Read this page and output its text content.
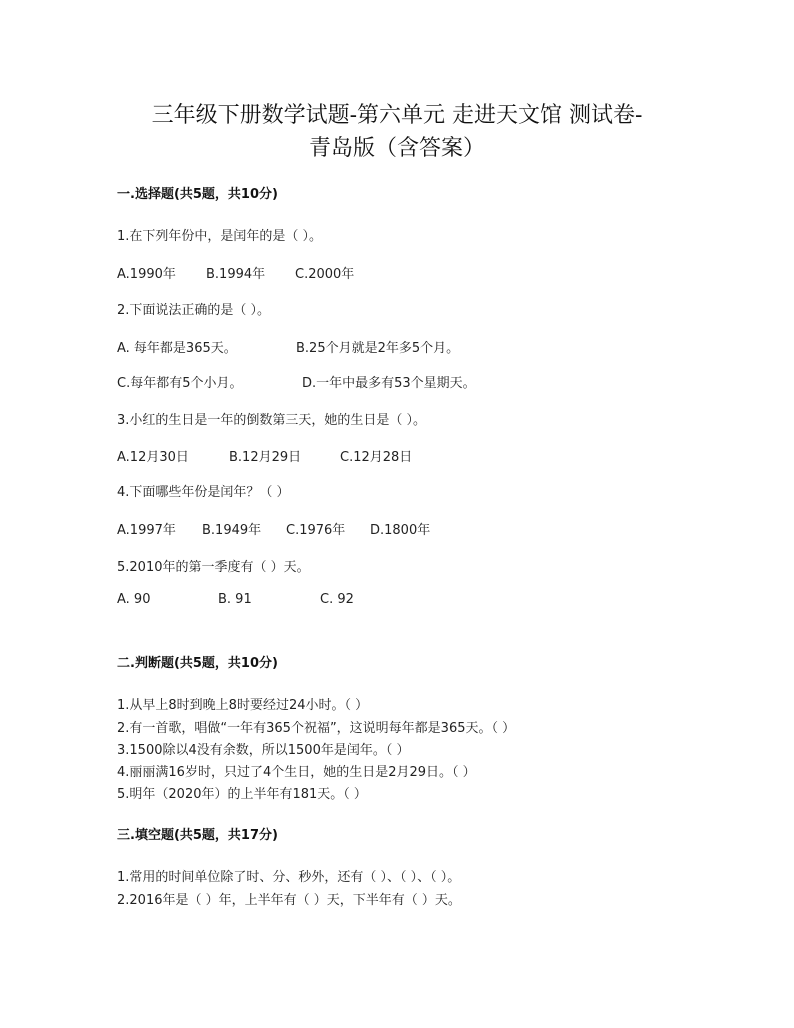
三年级下册数学试题-第六单元 走进天文馆 测试卷-
青岛版（含答案）
一.选择题(共5题，共10分)
1.在下列年份中，是闰年的是（ ）。
A.1990年 B.1994年 C.2000年
2.下面说法正确的是（ ）。
A. 每年都是365天。	B.25个月就是2年多5个月。
C.每年都有5个小月。	D.一年中最多有53个星期天。
3.小红的生日是一年的倒数第三天，她的生日是（ ）。
A.12月30日	B.12月29日	C.12月28日
4.下面哪些年份是闰年？（ ）
A.1997年 B.1949年 C.1976年 D.1800年
5.2010年的第一季度有（ ）天。
A. 90	B. 91	C. 92
二.判断题(共5题，共10分)
1.从早上8时到晚上8时要经过24小时。（ ）
2.有一首歌，唱做“一年有365个祝福”，这说明每年都是365天。（ ）
3.1500除以4没有余数，所以1500年是闰年。（ ）
4.丽丽满16岁时，只过了4个生日，她的生日是2月29日。（ ）
5.明年（2020年）的上半年有181天。（ ）
三.填空题(共5题，共17分)
1.常用的时间单位除了时、分、秒外，还有（ ）、（ ）、（ ）。
2.2016年是（ ）年，上半年有（ ）天，下半年有（ ）天。
